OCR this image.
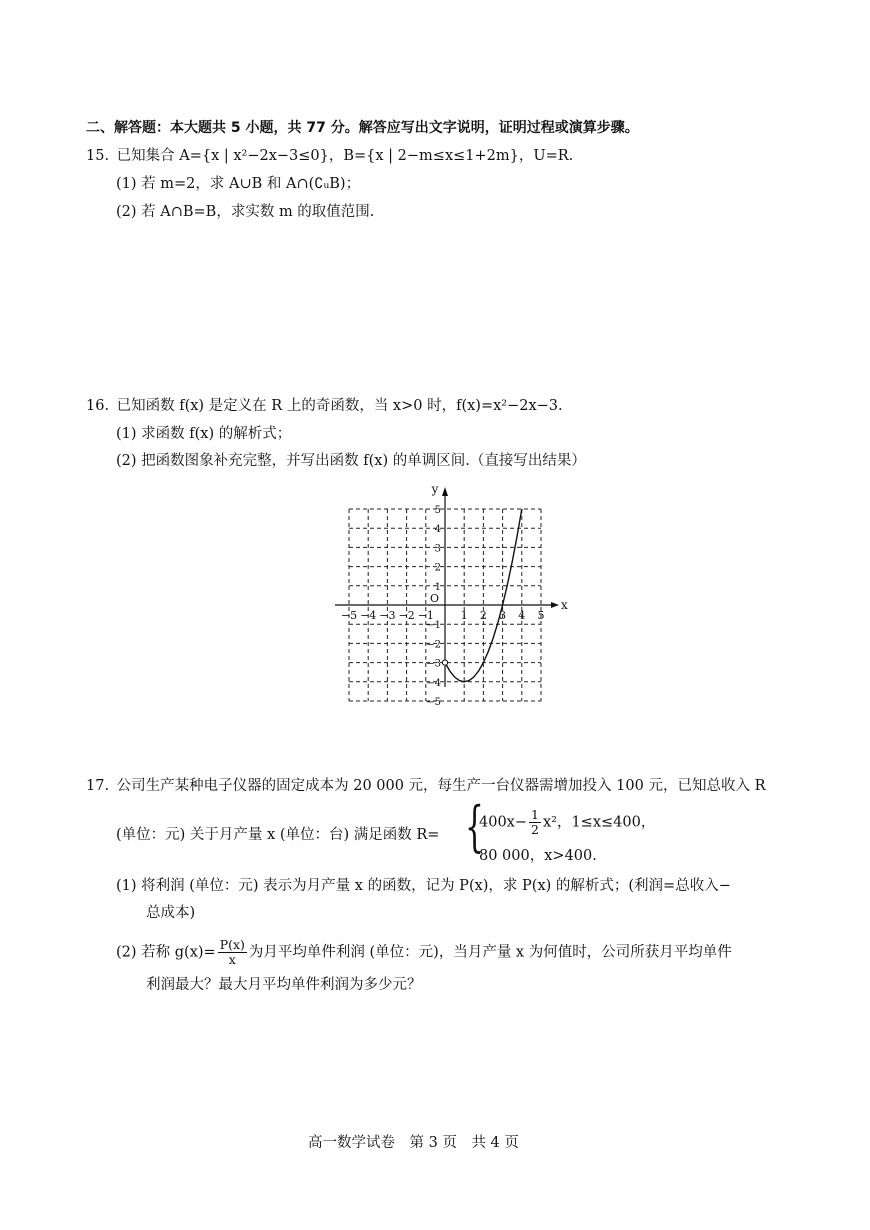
二、解答题：本大题共 5 小题，共 77 分。解答应写出文字说明，证明过程或演算步骤。
15. 已知集合 A={x | x²−2x−3≤0}，B={x | 2−m≤x≤1+2m}，U=R.
(1) 若 m=2，求 A∪B 和 A∩(∁ᵤB)；
(2) 若 A∩B=B，求实数 m 的取值范围.
16. 已知函数 f(x) 是定义在 R 上的奇函数，当 x>0 时，f(x)=x²−2x−3.
(1) 求函数 f(x) 的解析式；
(2) 把函数图象补充完整，并写出函数 f(x) 的单调区间.（直接写出结果）
−5 −4 −3 −2 −1 1 2 3 4 5
5
4
3
2
1
−1
−2
−3
−4
−5
O	x
y
17. 公司生产某种电子仪器的固定成本为 20 000 元，每生产一台仪器需增加投入 100 元，已知总收入 R
(单位：元) 关于月产量 x (单位：台) 满足函数 R= {
$400x- \frac{1}{2} x^2$，1≤x≤400，
80 000，x>400.
(1) 将利润 (单位：元) 表示为月产量 x 的函数，记为 P(x)，求 P(x) 的解析式；(利润=总收入−
总成本)
(2) 若称 $g(x)= \frac{P(x)}{x}$ 为月平均单件利润 (单位：元)，当月产量 x 为何值时，公司所获月平均单件
利润最大？最大月平均单件利润为多少元？
高一数学试卷　第 3 页　共 4 页
